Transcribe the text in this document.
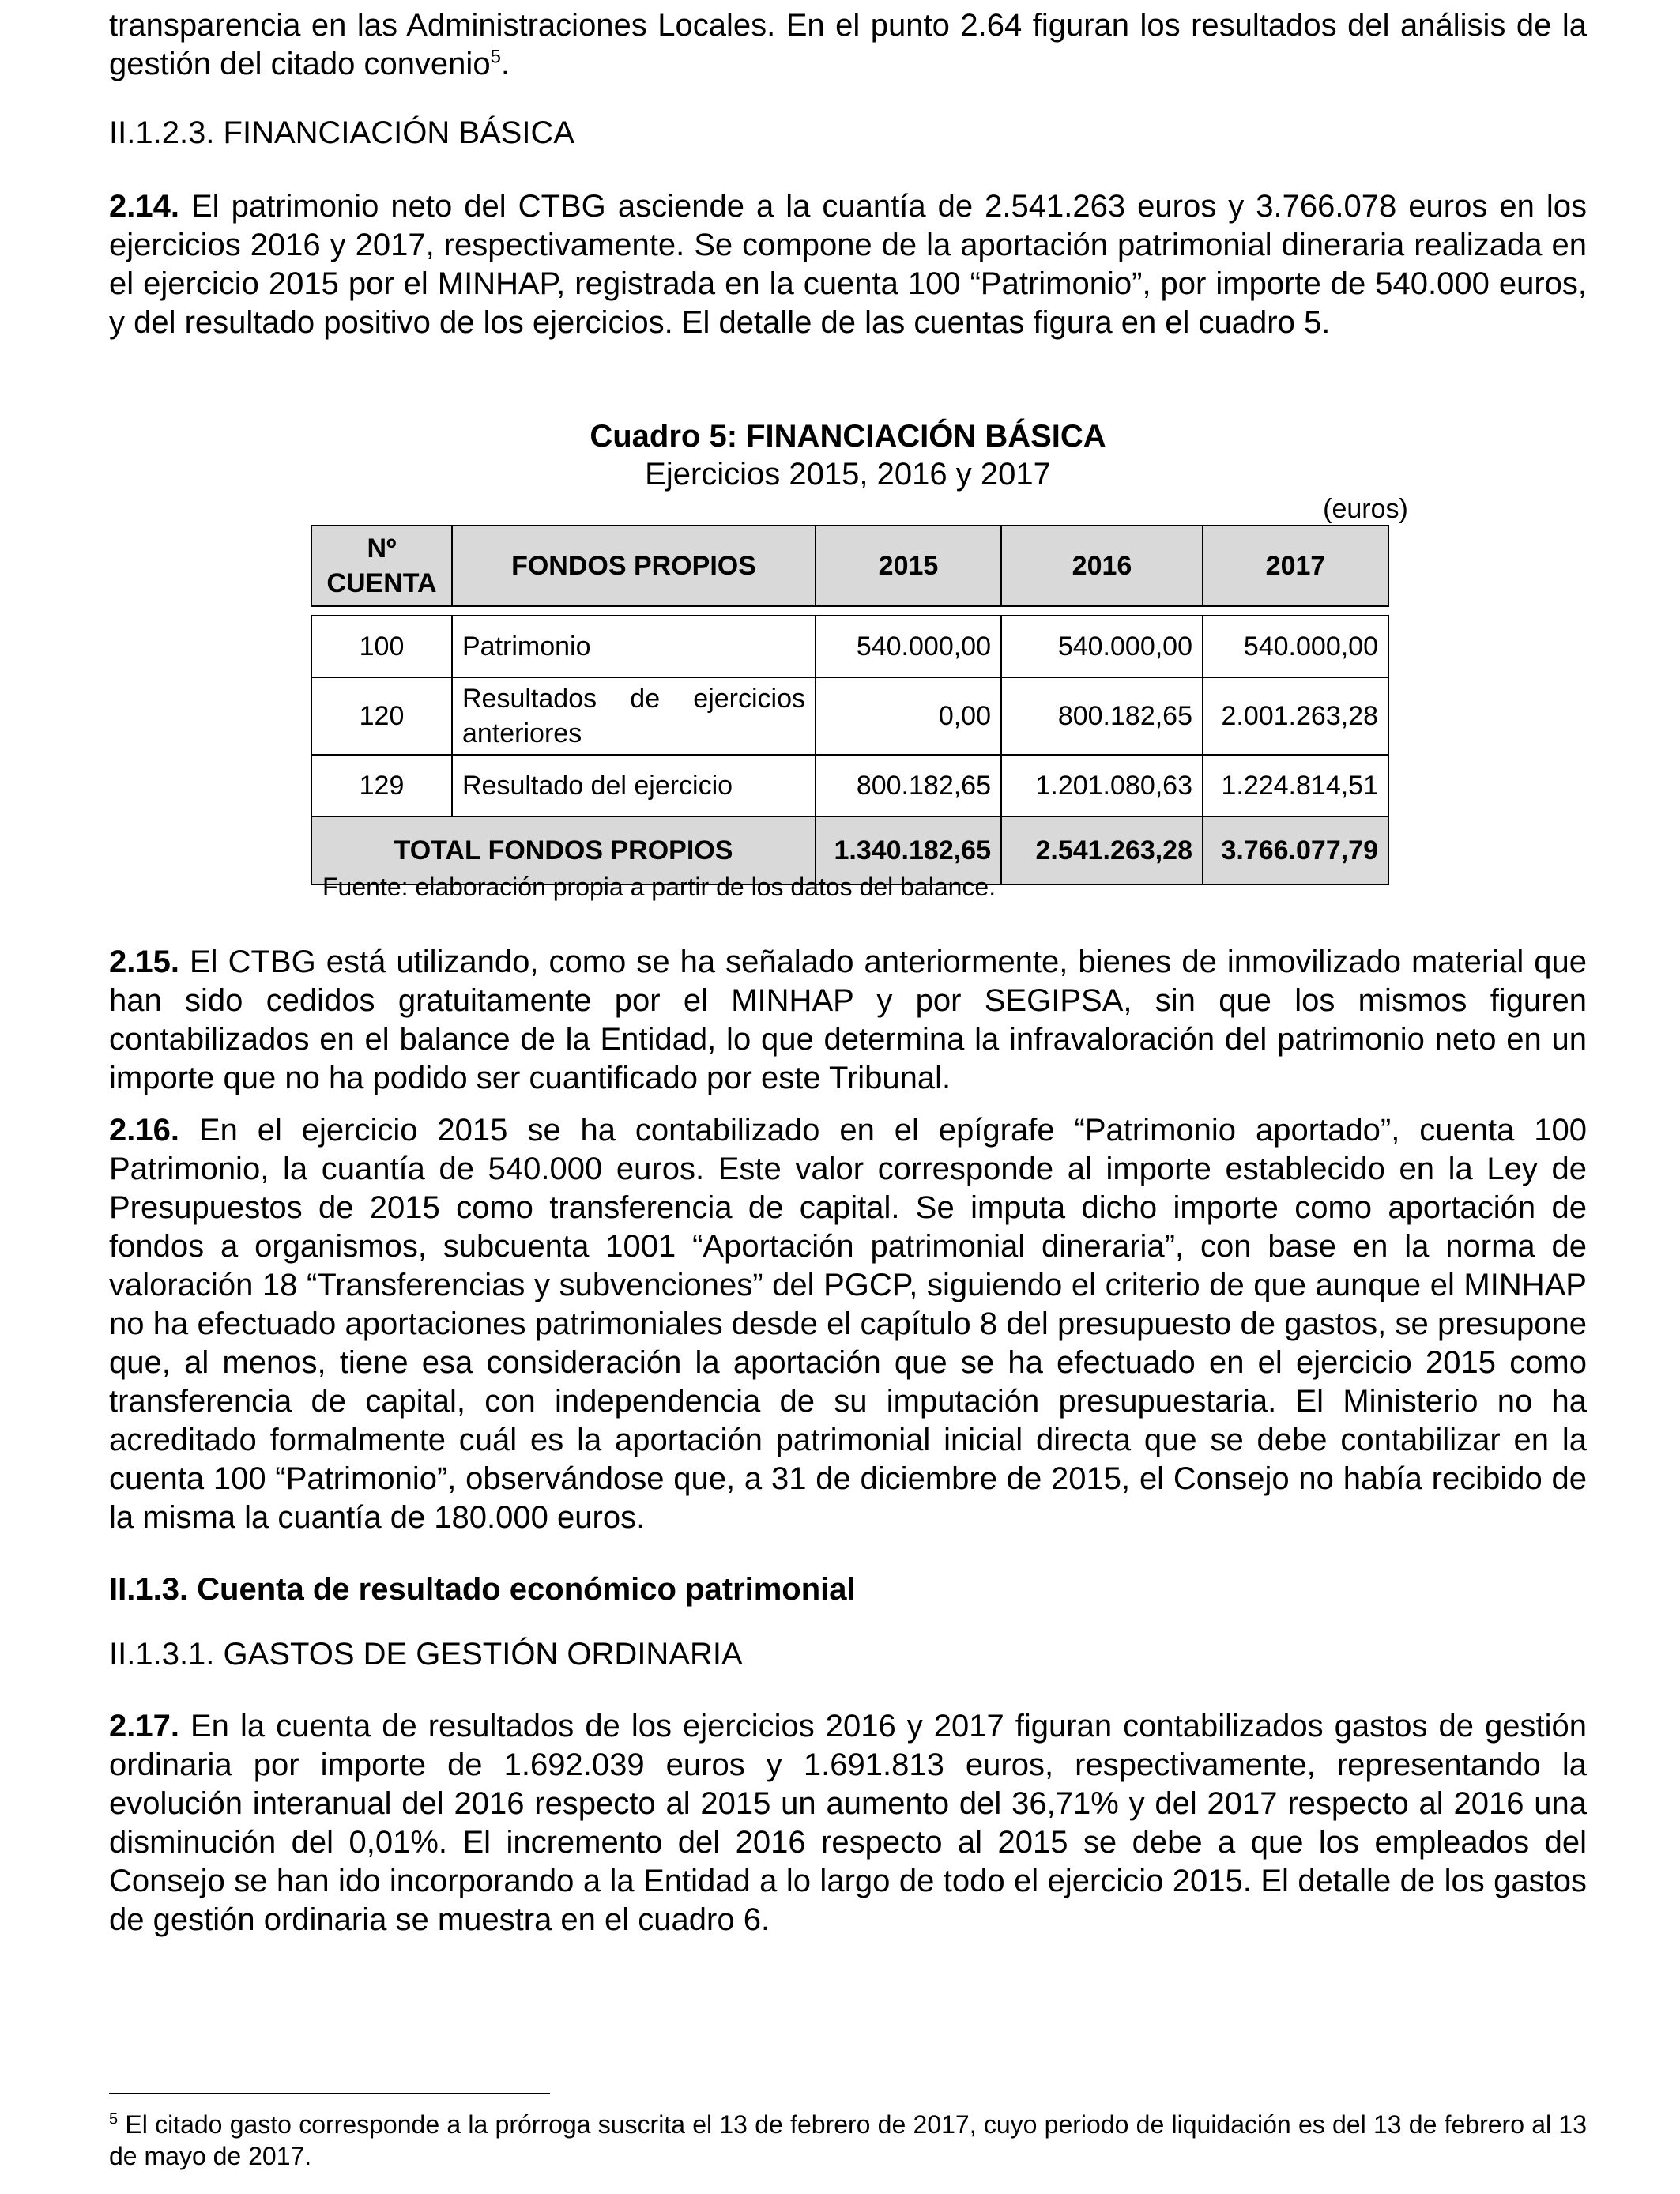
transparencia en las Administraciones Locales. En el punto 2.64 figuran los resultados del análisis de la gestión del citado convenio$^5$.

II.1.2.3. FINANCIACIÓN BÁSICA

2.14. El patrimonio neto del CTBG asciende a la cuantía de 2.541.263 euros y 3.766.078 euros en los ejercicios 2016 y 2017, respectivamente. Se compone de la aportación patrimonial dineraria realizada en el ejercicio 2015 por el MINHAP, registrada en la cuenta 100 “Patrimonio”, por importe de 540.000 euros, y del resultado positivo de los ejercicios. El detalle de las cuentas figura en el cuadro 5.

Cuadro 5: FINANCIACIÓN BÁSICA
Ejercicios 2015, 2016 y 2017
(euros)
Nº CUENTA	FONDOS PROPIOS	2015	2016	2017

100	Patrimonio	540.000,00	540.000,00	540.000,00
120	Resultados de ejercicios anteriores	0,00	800.182,65	2.001.263,28
129	Resultado del ejercicio	800.182,65	1.201.080,63	1.224.814,51
TOTAL FONDOS PROPIOS		1.340.182,65	2.541.263,28	3.766.077,79
Fuente: elaboración propia a partir de los datos del balance.

2.15. El CTBG está utilizando, como se ha señalado anteriormente, bienes de inmovilizado material que han sido cedidos gratuitamente por el MINHAP y por SEGIPSA, sin que los mismos figuren contabilizados en el balance de la Entidad, lo que determina la infravaloración del patrimonio neto en un importe que no ha podido ser cuantificado por este Tribunal.

2.16. En el ejercicio 2015 se ha contabilizado en el epígrafe “Patrimonio aportado”, cuenta 100 Patrimonio, la cuantía de 540.000 euros. Este valor corresponde al importe establecido en la Ley de Presupuestos de 2015 como transferencia de capital. Se imputa dicho importe como aportación de fondos a organismos, subcuenta 1001 “Aportación patrimonial dineraria”, con base en la norma de valoración 18 “Transferencias y subvenciones” del PGCP, siguiendo el criterio de que aunque el MINHAP no ha efectuado aportaciones patrimoniales desde el capítulo 8 del presupuesto de gastos, se presupone que, al menos, tiene esa consideración la aportación que se ha efectuado en el ejercicio 2015 como transferencia de capital, con independencia de su imputación presupuestaria. El Ministerio no ha acreditado formalmente cuál es la aportación patrimonial inicial directa que se debe contabilizar en la cuenta 100 “Patrimonio”, observándose que, a 31 de diciembre de 2015, el Consejo no había recibido de la misma la cuantía de 180.000 euros.

II.1.3. Cuenta de resultado económico patrimonial

II.1.3.1. GASTOS DE GESTIÓN ORDINARIA

2.17. En la cuenta de resultados de los ejercicios 2016 y 2017 figuran contabilizados gastos de gestión ordinaria por importe de 1.692.039 euros y 1.691.813 euros, respectivamente, representando la evolución interanual del 2016 respecto al 2015 un aumento del 36,71% y del 2017 respecto al 2016 una disminución del 0,01%. El incremento del 2016 respecto al 2015 se debe a que los empleados del Consejo se han ido incorporando a la Entidad a lo largo de todo el ejercicio 2015. El detalle de los gastos de gestión ordinaria se muestra en el cuadro 6.

$^5$ El citado gasto corresponde a la prórroga suscrita el 13 de febrero de 2017, cuyo periodo de liquidación es del 13 de febrero al 13 de mayo de 2017.
